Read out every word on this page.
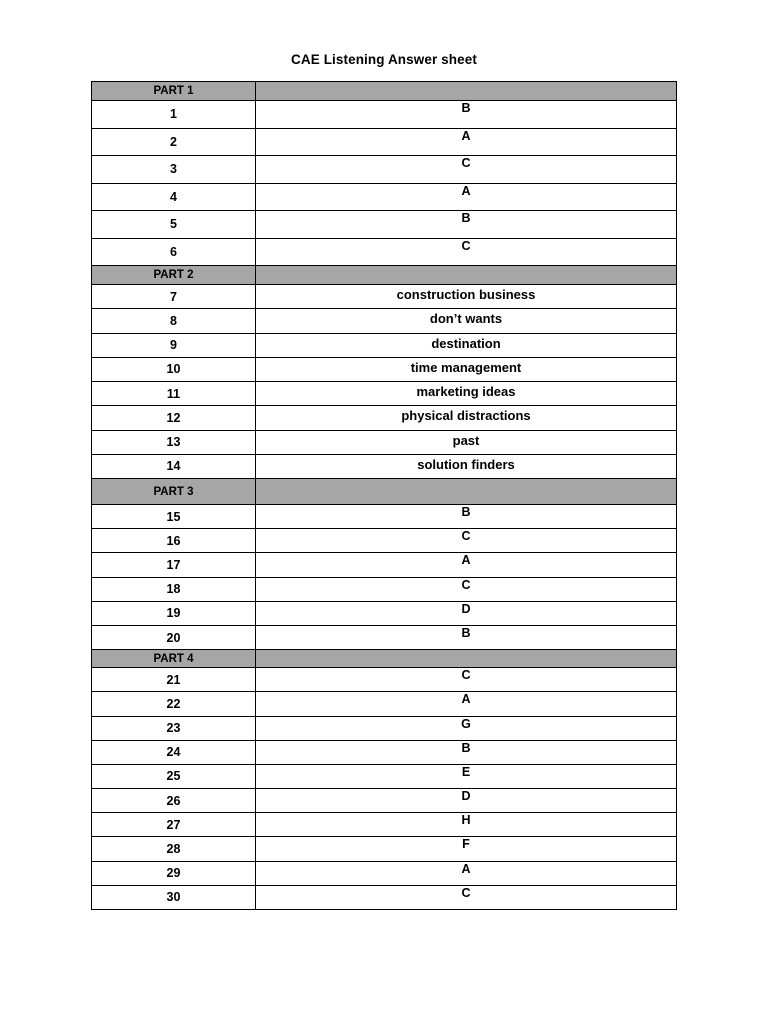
CAE Listening Answer sheet
PART 1	
1	B
2	A
3	C
4	A
5	B
6	C
PART 2	
7	construction business
8	don’t wants
9	destination
10	time management
11	marketing ideas
12	physical distractions
13	past
14	solution finders
PART 3	
15	B
16	C
17	A
18	C
19	D
20	B
PART 4	
21	C
22	A
23	G
24	B
25	E
26	D
27	H
28	F
29	A
30	C
